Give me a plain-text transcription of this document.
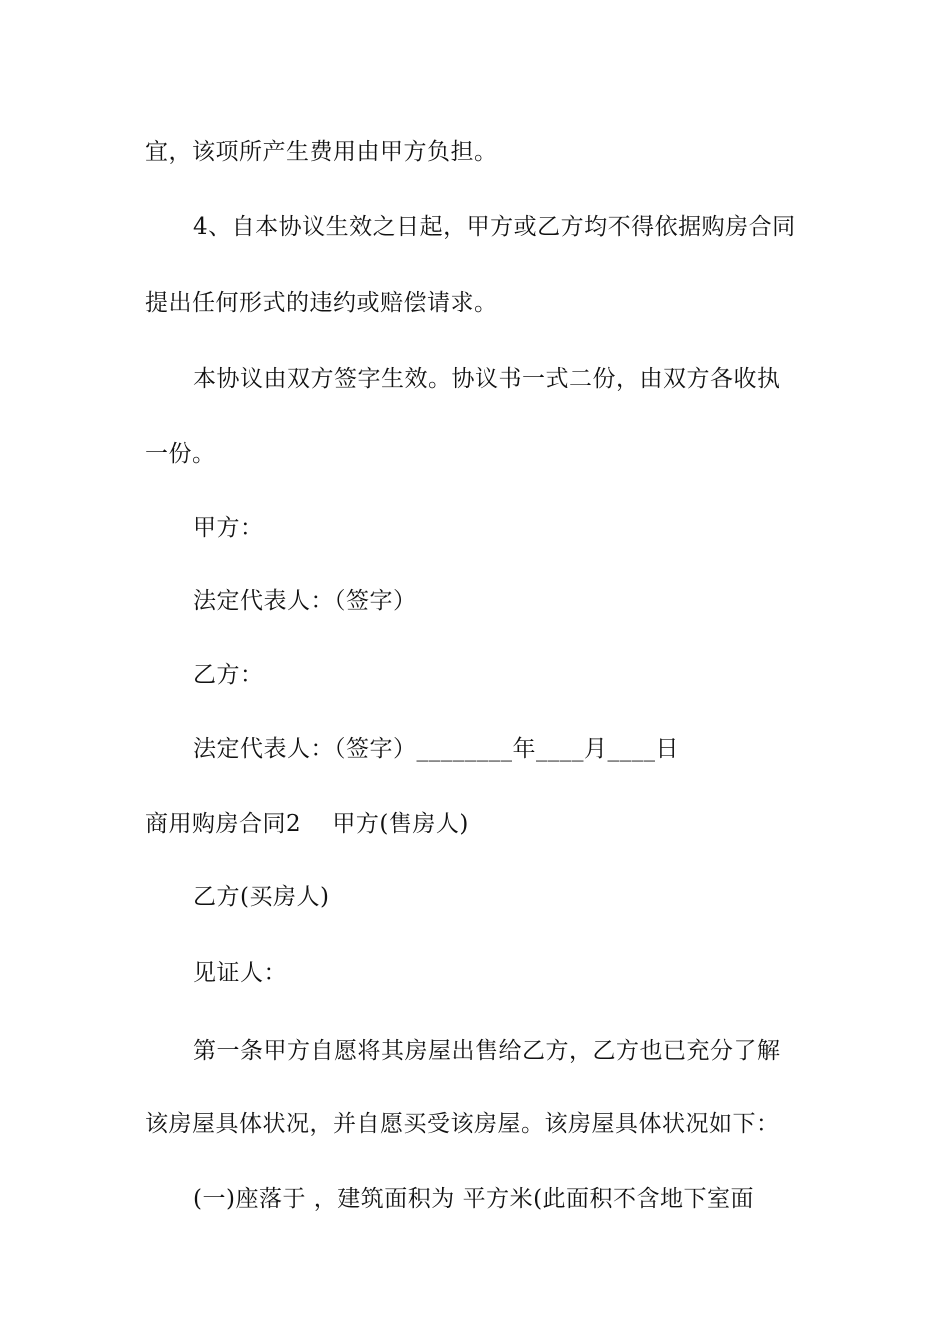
宜，该项所产生费用由甲方负担。
4、自本协议生效之日起，甲方或乙方均不得依据购房合同
提出任何形式的违约或赔偿请求。
本协议由双方签字生效。协议书一式二份，由双方各收执
一份。
甲方：
法定代表人：（签字）
乙方：
法定代表人：（签字）________年____月____日
商用购房合同2    甲方(售房人)
乙方(买房人)
见证人：
第一条甲方自愿将其房屋出售给乙方，乙方也已充分了解
该房屋具体状况，并自愿买受该房屋。该房屋具体状况如下：
(一)座落于 ，建筑面积为 平方米(此面积不含地下室面
